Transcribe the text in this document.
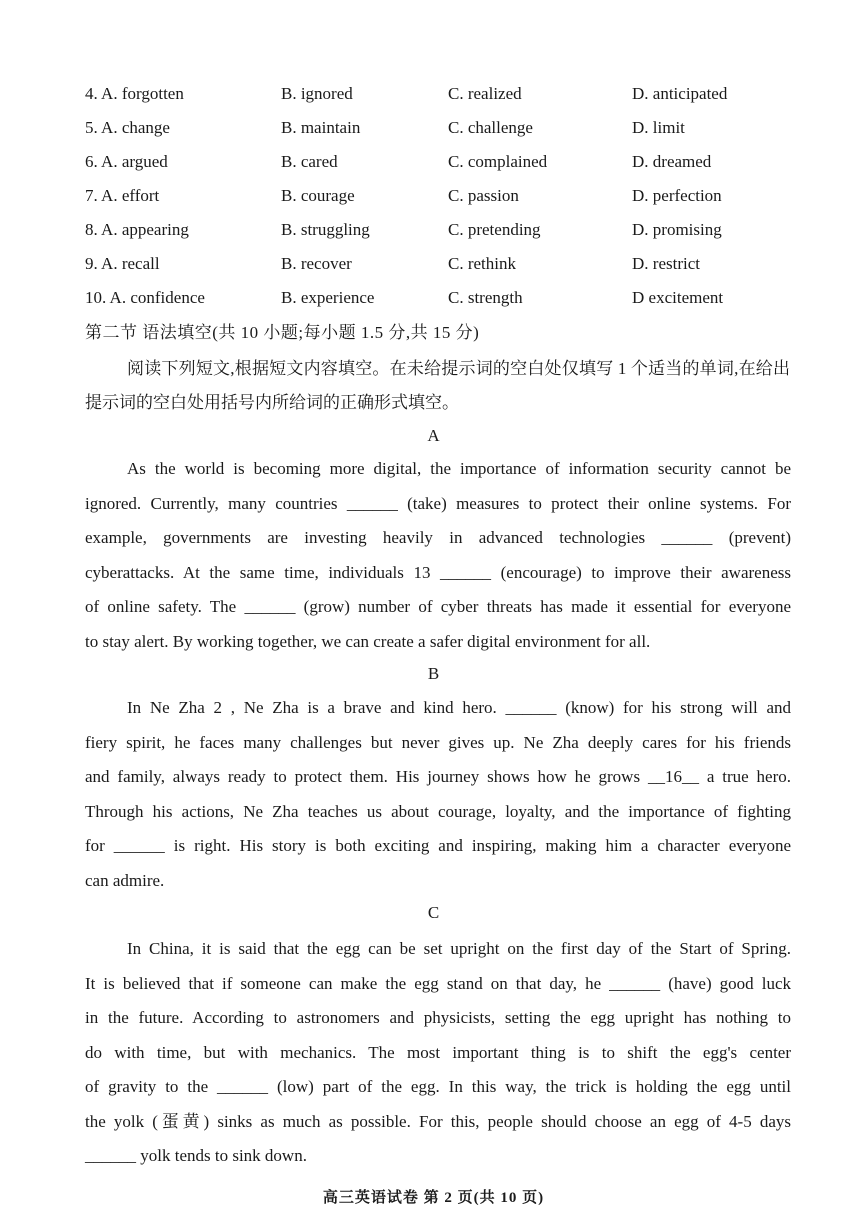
4. A. forgotten	B. ignored	C. realized	D. anticipated
5. A. change	B. maintain	C. challenge	D. limit
6. A. argued	B. cared	C. complained	D. dreamed
7. A. effort	B. courage	C. passion	D. perfection
8. A. appearing	B. struggling	C. pretending	D. promising
9. A. recall	B. recover	C. rethink	D. restrict
10. A. confidence	B. experience	C. strength	D excitement
第二节 语法填空(共 10 小题;每小题 1.5 分,共 15 分)
阅读下列短文,根据短文内容填空。在未给提示词的空白处仅填写 1 个适当的单词,在给出提示词的空白处用括号内所给词的正确形式填空。
A
As the world is becoming more digital, the importance of information security cannot be
ignored. Currently, many countries ______ (take) measures to protect their online systems. For
example, governments are investing heavily in advanced technologies ______ (prevent)
cyberattacks. At the same time, individuals 13 ______ (encourage) to improve their awareness
of online safety. The ______ (grow) number of cyber threats has made it essential for everyone
to stay alert. By working together, we can create a safer digital environment for all.
B
In Ne Zha 2 , Ne Zha is a brave and kind hero. ______ (know) for his strong will and
fiery spirit, he faces many challenges but never gives up. Ne Zha deeply cares for his friends
and family, always ready to protect them. His journey shows how he grows __16__ a true hero.
Through his actions, Ne Zha teaches us about courage, loyalty, and the importance of fighting
for ______ is right. His story is both exciting and inspiring, making him a character everyone
can admire.
C
In China, it is said that the egg can be set upright on the first day of the Start of Spring.
It is believed that if someone can make the egg stand on that day, he ______ (have) good luck
in the future. According to astronomers and physicists, setting the egg upright has nothing to
do with time, but with mechanics. The most important thing is to shift the egg's center
of gravity to the ______ (low) part of the egg. In this way, the trick is holding the egg until
the yolk (蛋黄) sinks as much as possible. For this, people should choose an egg of 4-5 days
______ yolk tends to sink down.
高三英语试卷 第 2 页(共 10 页)
